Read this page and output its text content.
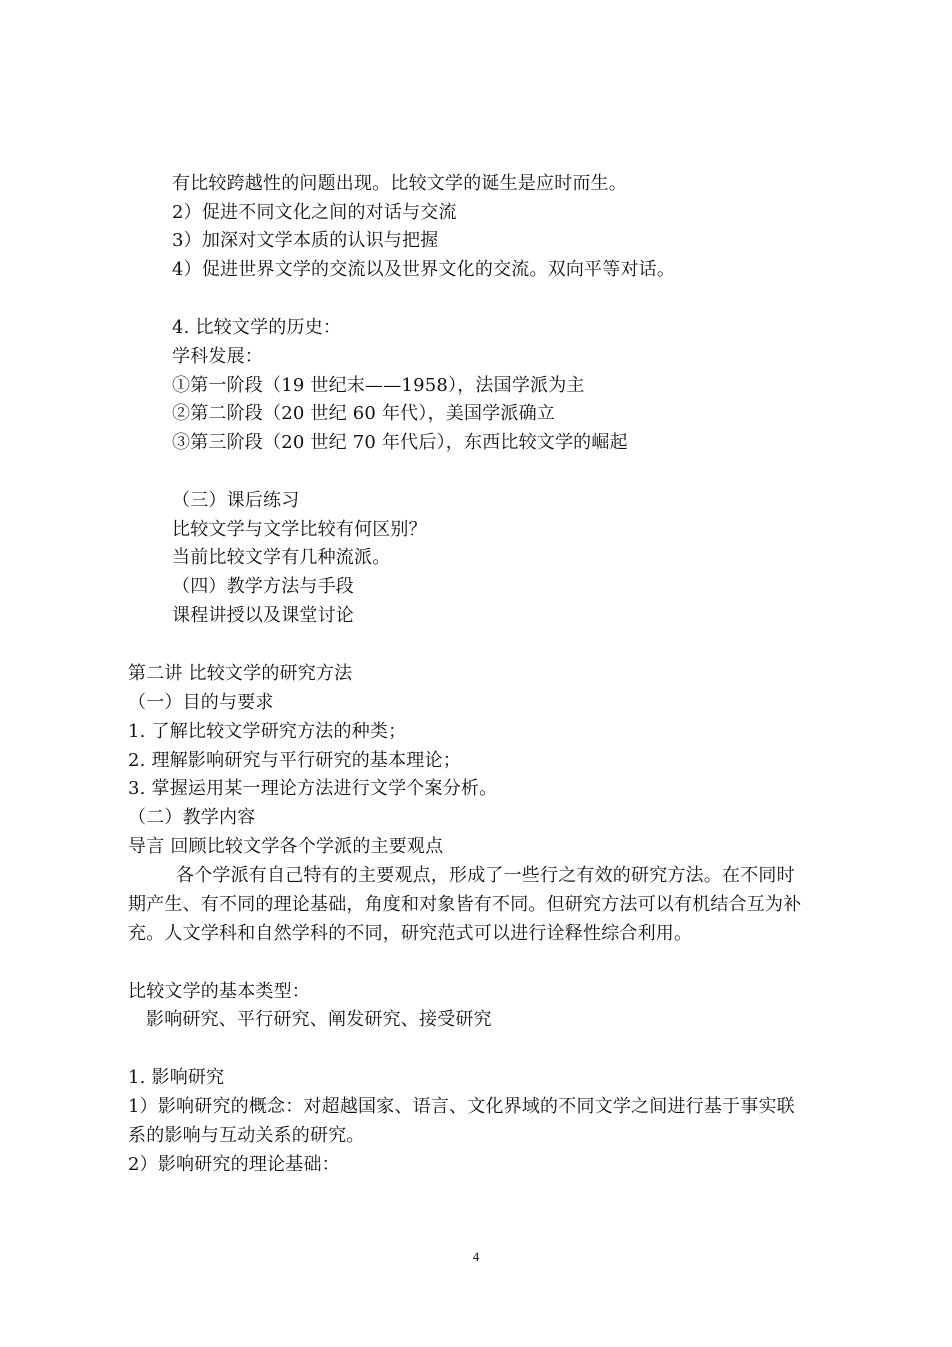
有比较跨越性的问题出现。比较文学的诞生是应时而生。
2）促进不同文化之间的对话与交流
3）加深对文学本质的认识与把握
4）促进世界文学的交流以及世界文化的交流。双向平等对话。
4. 比较文学的历史：
学科发展：
①第一阶段（19 世纪末——1958），法国学派为主
②第二阶段（20 世纪 60 年代），美国学派确立
③第三阶段（20 世纪 70 年代后），东西比较文学的崛起
（三）课后练习
比较文学与文学比较有何区别？
当前比较文学有几种流派。
（四）教学方法与手段
课程讲授以及课堂讨论
第二讲 比较文学的研究方法
（一）目的与要求
1. 了解比较文学研究方法的种类；
2. 理解影响研究与平行研究的基本理论；
3. 掌握运用某一理论方法进行文学个案分析。
（二）教学内容
导言 回顾比较文学各个学派的主要观点
各个学派有自己特有的主要观点，形成了一些行之有效的研究方法。在不同时
期产生、有不同的理论基础，角度和对象皆有不同。但研究方法可以有机结合互为补
充。人文学科和自然学科的不同，研究范式可以进行诠释性综合利用。
比较文学的基本类型：
影响研究、平行研究、阐发研究、接受研究
1. 影响研究
1）影响研究的概念：对超越国家、语言、文化界域的不同文学之间进行基于事实联
系的影响与互动关系的研究。
2）影响研究的理论基础：
4
